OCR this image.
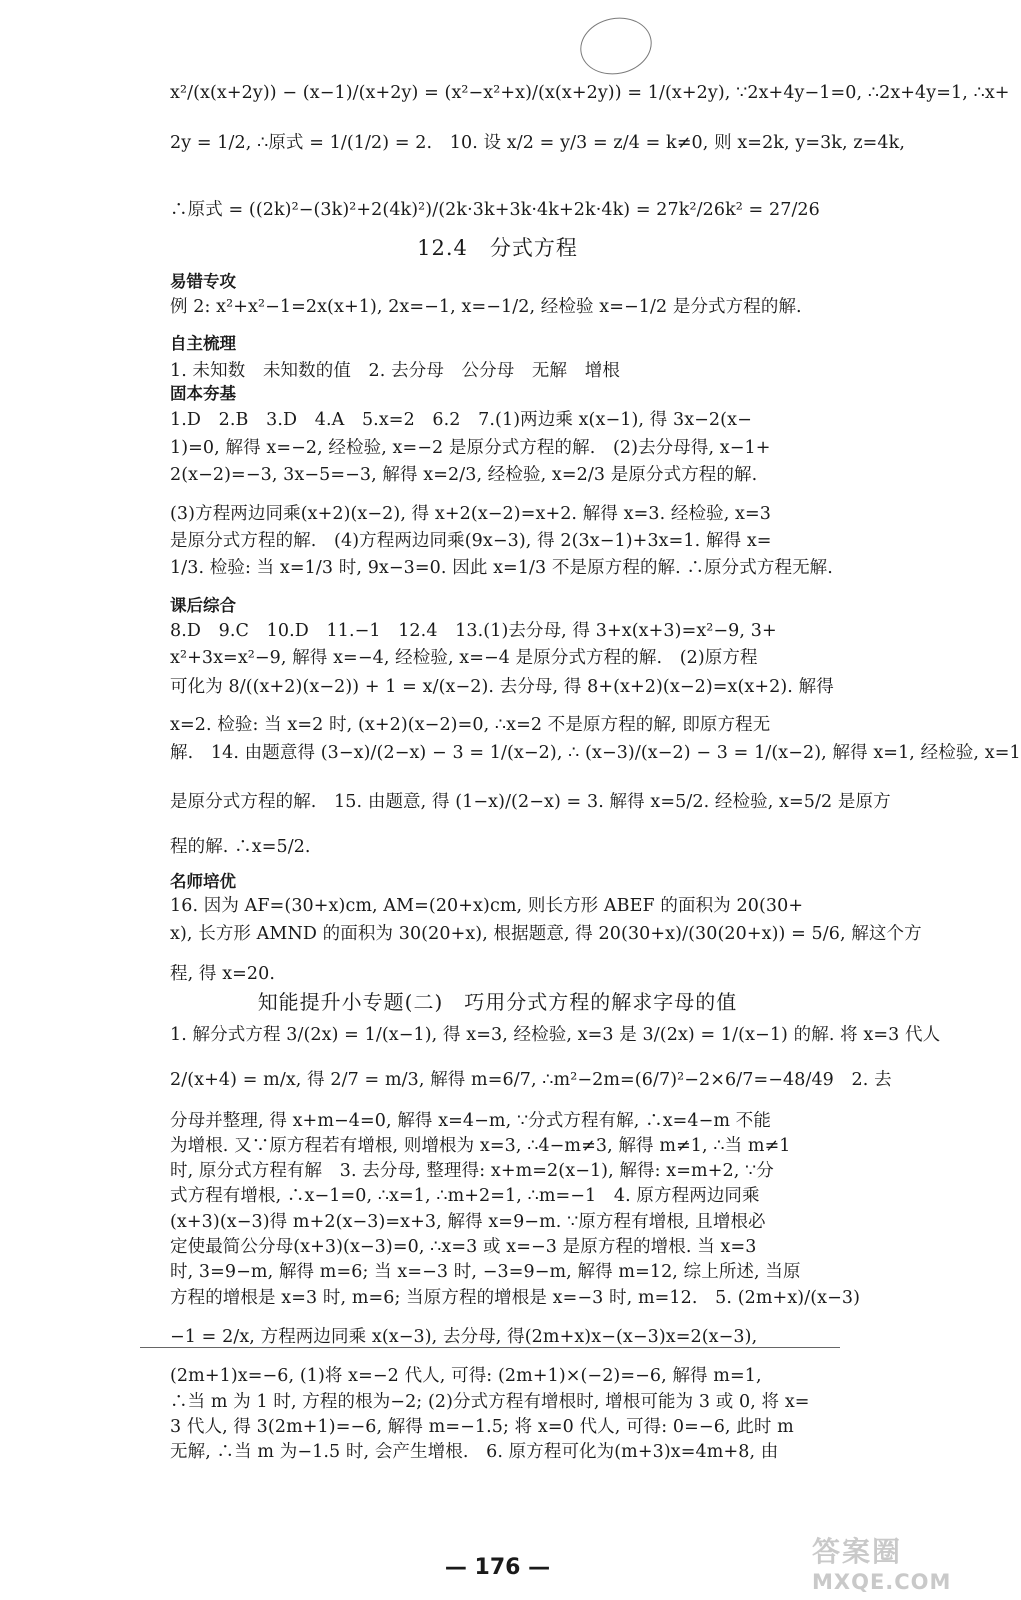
x²/(x(x+2y)) − (x−1)/(x+2y) = (x²−x²+x)/(x(x+2y)) = 1/(x+2y), ∵2x+4y−1=0, ∴2x+4y=1, ∴x+
2y = 1/2, ∴原式 = 1/(1/2) = 2.　10. 设 x/2 = y/3 = z/4 = k≠0, 则 x=2k, y=3k, z=4k,
∴原式 = ((2k)²−(3k)²+2(4k)²)/(2k·3k+3k·4k+2k·4k) = 27k²/26k² = 27/26
12.4　分式方程
易错专攻
例 2: x²+x²−1=2x(x+1), 2x=−1, x=−1/2, 经检验 x=−1/2 是分式方程的解.
自主梳理
1. 未知数　未知数的值　2. 去分母　公分母　无解　增根
固本夯基
1.D　2.B　3.D　4.A　5.x=2　6.2　7.(1)两边乘 x(x−1), 得 3x−2(x−
1)=0, 解得 x=−2, 经检验, x=−2 是原分式方程的解.　(2)去分母得, x−1+
2(x−2)=−3, 3x−5=−3, 解得 x=2/3, 经检验, x=2/3 是原分式方程的解.
(3)方程两边同乘(x+2)(x−2), 得 x+2(x−2)=x+2. 解得 x=3. 经检验, x=3
是原分式方程的解.　(4)方程两边同乘(9x−3), 得 2(3x−1)+3x=1. 解得 x=
1/3. 检验: 当 x=1/3 时, 9x−3=0. 因此 x=1/3 不是原方程的解. ∴原分式方程无解.
课后综合
8.D　9.C　10.D　11.−1　12.4　13.(1)去分母, 得 3+x(x+3)=x²−9, 3+
x²+3x=x²−9, 解得 x=−4, 经检验, x=−4 是原分式方程的解.　(2)原方程
可化为 8/((x+2)(x−2)) + 1 = x/(x−2). 去分母, 得 8+(x+2)(x−2)=x(x+2). 解得
x=2. 检验: 当 x=2 时, (x+2)(x−2)=0, ∴x=2 不是原方程的解, 即原方程无
解.　14. 由题意得 (3−x)/(2−x) − 3 = 1/(x−2), ∴ (x−3)/(x−2) − 3 = 1/(x−2), 解得 x=1, 经检验, x=1
是原分式方程的解.　15. 由题意, 得 (1−x)/(2−x) = 3. 解得 x=5/2. 经检验, x=5/2 是原方
程的解. ∴x=5/2.
名师培优
16. 因为 AF=(30+x)cm, AM=(20+x)cm, 则长方形 ABEF 的面积为 20(30+
x), 长方形 AMND 的面积为 30(20+x), 根据题意, 得 20(30+x)/(30(20+x)) = 5/6, 解这个方
程, 得 x=20.
知能提升小专题(二)　巧用分式方程的解求字母的值
1. 解分式方程 3/(2x) = 1/(x−1), 得 x=3, 经检验, x=3 是 3/(2x) = 1/(x−1) 的解. 将 x=3 代人
2/(x+4) = m/x, 得 2/7 = m/3, 解得 m=6/7, ∴m²−2m=(6/7)²−2×6/7=−48/49　2. 去
分母并整理, 得 x+m−4=0, 解得 x=4−m, ∵分式方程有解, ∴x=4−m 不能
为增根. 又∵原方程若有增根, 则增根为 x=3, ∴4−m≠3, 解得 m≠1, ∴当 m≠1
时, 原分式方程有解　3. 去分母, 整理得: x+m=2(x−1), 解得: x=m+2, ∵分
式方程有增根, ∴x−1=0, ∴x=1, ∴m+2=1, ∴m=−1　4. 原方程两边同乘
(x+3)(x−3)得 m+2(x−3)=x+3, 解得 x=9−m. ∵原方程有增根, 且增根必
定使最简公分母(x+3)(x−3)=0, ∴x=3 或 x=−3 是原方程的增根. 当 x=3
时, 3=9−m, 解得 m=6; 当 x=−3 时, −3=9−m, 解得 m=12, 综上所述, 当原
方程的增根是 x=3 时, m=6; 当原方程的增根是 x=−3 时, m=12.　5. (2m+x)/(x−3)
−1 = 2/x, 方程两边同乘 x(x−3), 去分母, 得(2m+x)x−(x−3)x=2(x−3),
(2m+1)x=−6, (1)将 x=−2 代人, 可得: (2m+1)×(−2)=−6, 解得 m=1,
∴当 m 为 1 时, 方程的根为−2; (2)分式方程有增根时, 增根可能为 3 或 0, 将 x=
3 代人, 得 3(2m+1)=−6, 解得 m=−1.5; 将 x=0 代人, 可得: 0=−6, 此时 m
无解, ∴当 m 为−1.5 时, 会产生增根.　6. 原方程可化为(m+3)x=4m+8, 由
— 176 —	答案圈
MXQE.COM
